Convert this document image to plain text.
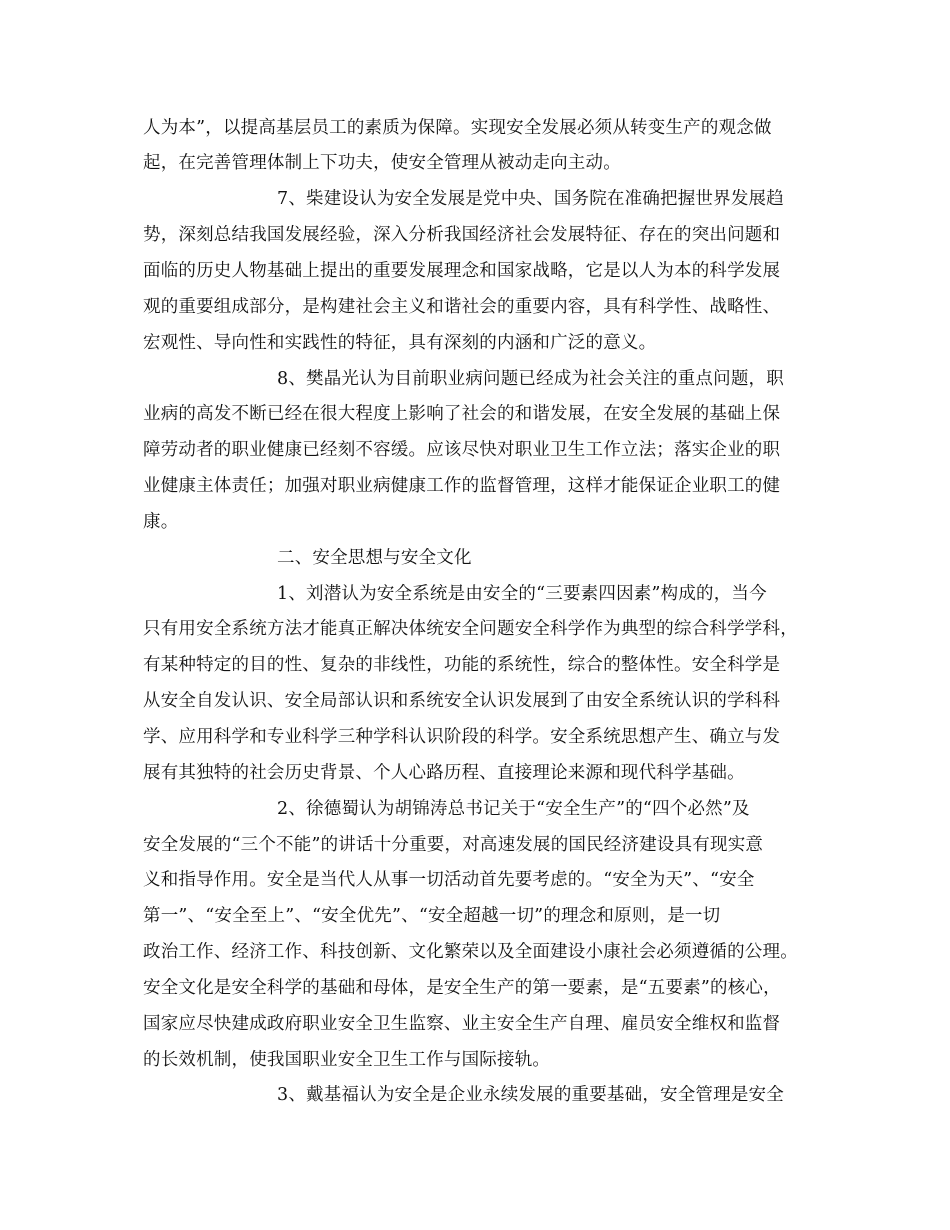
人为本”，以提高基层员工的素质为保障。实现安全发展必须从转变生产的观念做
起，在完善管理体制上下功夫，使安全管理从被动走向主动。
7、柴建设认为安全发展是党中央、国务院在准确把握世界发展趋
势，深刻总结我国发展经验，深入分析我国经济社会发展特征、存在的突出问题和
面临的历史人物基础上提出的重要发展理念和国家战略，它是以人为本的科学发展
观的重要组成部分，是构建社会主义和谐社会的重要内容，具有科学性、战略性、
宏观性、导向性和实践性的特征，具有深刻的内涵和广泛的意义。
8、樊晶光认为目前职业病问题已经成为社会关注的重点问题，职
业病的高发不断已经在很大程度上影响了社会的和谐发展，在安全发展的基础上保
障劳动者的职业健康已经刻不容缓。应该尽快对职业卫生工作立法；落实企业的职
业健康主体责任；加强对职业病健康工作的监督管理，这样才能保证企业职工的健
康。
二、安全思想与安全文化
1、刘潜认为安全系统是由安全的“三要素四因素”构成的，当今
只有用安全系统方法才能真正解决体统安全问题安全科学作为典型的综合科学学科，
有某种特定的目的性、复杂的非线性，功能的系统性，综合的整体性。安全科学是
从安全自发认识、安全局部认识和系统安全认识发展到了由安全系统认识的学科科
学、应用科学和专业科学三种学科认识阶段的科学。安全系统思想产生、确立与发
展有其独特的社会历史背景、个人心路历程、直接理论来源和现代科学基础。
2、徐德蜀认为胡锦涛总书记关于“安全生产”的“四个必然”及
安全发展的“三个不能”的讲话十分重要，对高速发展的国民经济建设具有现实意
义和指导作用。安全是当代人从事一切活动首先要考虑的。“安全为天”、“安全
第一”、“安全至上”、“安全优先”、“安全超越一切”的理念和原则，是一切
政治工作、经济工作、科技创新、文化繁荣以及全面建设小康社会必须遵循的公理。
安全文化是安全科学的基础和母体，是安全生产的第一要素，是“五要素”的核心，
国家应尽快建成政府职业安全卫生监察、业主安全生产自理、雇员安全维权和监督
的长效机制，使我国职业安全卫生工作与国际接轨。
3、戴基福认为安全是企业永续发展的重要基础，安全管理是安全
